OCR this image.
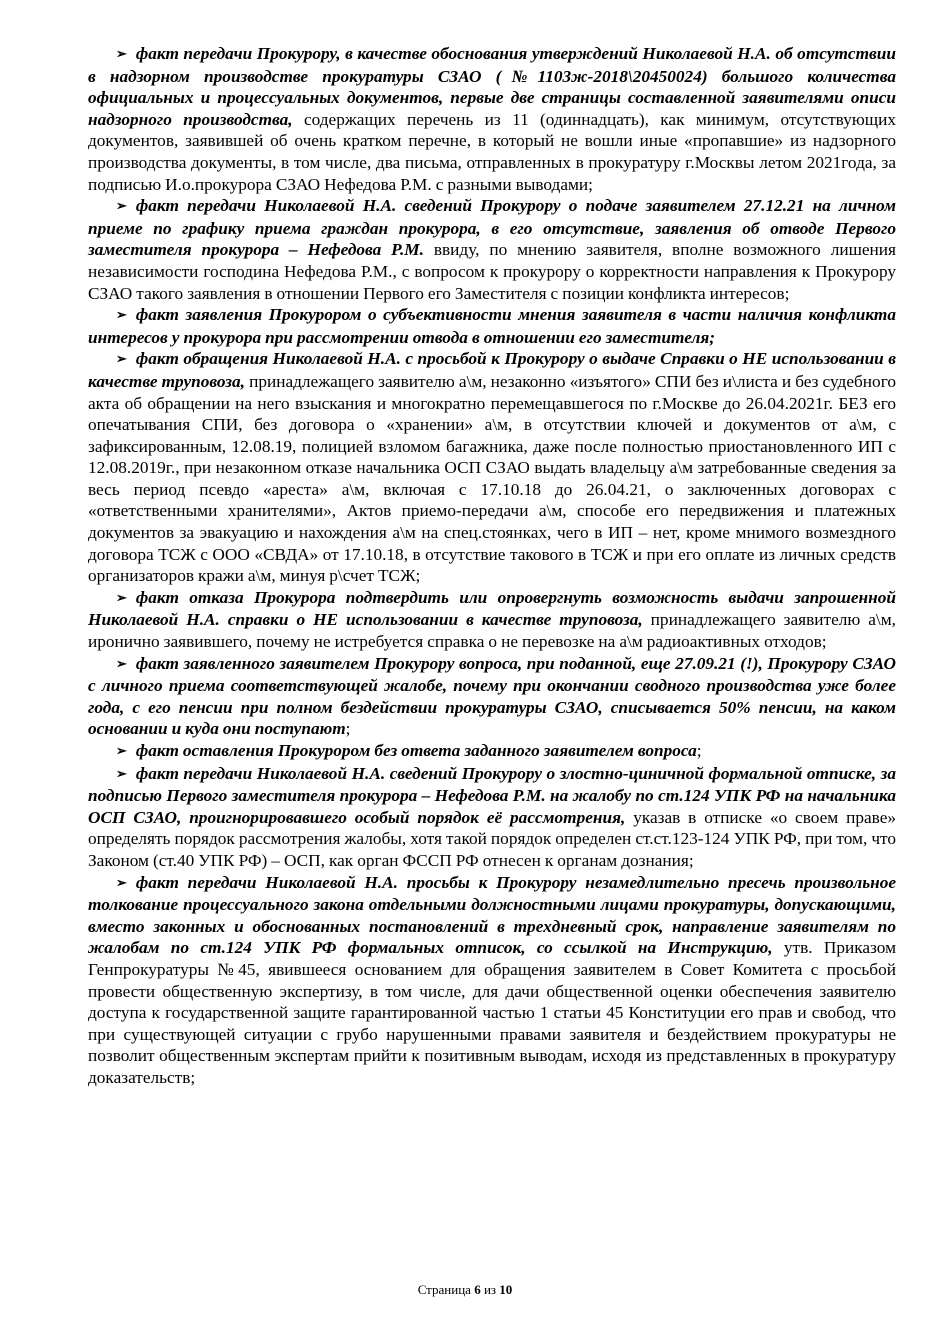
➢ факт передачи Прокурору, в качестве обоснования утверждений Николаевой Н.А. об отсутствии в надзорном производстве прокуратуры СЗАО (№1103ж-2018\20450024) большого количества официальных и процессуальных документов, первые две страницы составленной заявителями описи надзорного производства, содержащих перечень из 11 (одиннадцать), как минимум, отсутствующих документов, заявившей об очень кратком перечне, в который не вошли иные «пропавшие» из надзорного производства документы, в том числе, два письма, отправленных в прокуратуру г.Москвы летом 2021года, за подписью И.о.прокурора СЗАО Нефедова Р.М. с разными выводами;

➢ факт передачи Николаевой Н.А. сведений Прокурору о подаче заявителем 27.12.21 на личном приеме по графику приема граждан прокурора, в его отсутствие, заявления об отводе Первого заместителя прокурора – Нефедова Р.М. ввиду, по мнению заявителя, вполне возможного лишения независимости господина Нефедова Р.М., с вопросом к прокурору о корректности направления к Прокурору СЗАО такого заявления в отношении Первого его Заместителя с позиции конфликта интересов;

➢ факт заявления Прокурором о субъективности мнения заявителя в части наличия конфликта интересов у прокурора при рассмотрении отвода в отношении его заместителя;

➢ факт обращения Николаевой Н.А. с просьбой к Прокурору о выдаче Справки о НЕ использовании в качестве труповоза, принадлежащего заявителю а\м, незаконно «изъятого» СПИ без и\листа и без судебного акта об обращении на него взыскания и многократно перемещавшегося по г.Москве до 26.04.2021г. БЕЗ его опечатывания СПИ, без договора о «хранении» а\м, в отсутствии ключей и документов от а\м, с зафиксированным, 12.08.19, полицией взломом багажника, даже после полностью приостановленного ИП с 12.08.2019г., при незаконном отказе начальника ОСП СЗАО выдать владельцу а\м затребованные сведения за весь период псевдо «ареста» а\м, включая с 17.10.18 до 26.04.21, о заключенных договорах с «ответственными хранителями», Актов приемо-передачи а\м, способе его передвижения и платежных документов за эвакуацию и нахождения а\м на спец.стоянках, чего в ИП – нет, кроме мнимого возмездного договора ТСЖ с ООО «СВДА» от 17.10.18, в отсутствие такового в ТСЖ и при его оплате из личных средств организаторов кражи а\м, минуя р\счет ТСЖ;

➢ факт отказа Прокурора подтвердить или опровергнуть возможность выдачи запрошенной Николаевой Н.А. справки о НЕ использовании в качестве труповоза, принадлежащего заявителю а\м, иронично заявившего, почему не истребуется справка о не перевозке на а\м радиоактивных отходов;

➢ факт заявленного заявителем Прокурору вопроса, при поданной, еще 27.09.21 (!), Прокурору СЗАО с личного приема соответствующей жалобе, почему при окончании сводного производства уже более года, с его пенсии при полном бездействии прокуратуры СЗАО, списывается 50% пенсии, на каком основании и куда они поступают;

➢ факт оставления Прокурором без ответа заданного заявителем вопроса;

➢ факт передачи Николаевой Н.А. сведений Прокурору о злостно-циничной формальной отписке, за подписью Первого заместителя прокурора – Нефедова Р.М. на жалобу по ст.124 УПК РФ на начальника ОСП СЗАО, проигнорировавшего особый порядок её рассмотрения, указав в отписке «о своем праве» определять порядок рассмотрения жалобы, хотя такой порядок определен ст.ст.123-124 УПК РФ, при том, что Законом (ст.40 УПК РФ) – ОСП, как орган ФССП РФ отнесен к органам дознания;

➢ факт передачи Николаевой Н.А. просьбы к Прокурору незамедлительно пресечь произвольное толкование процессуального закона отдельными должностными лицами прокуратуры, допускающими, вместо законных и обоснованных постановлений в трехдневный срок, направление заявителям по жалобам по ст.124 УПК РФ формальных отписок, со ссылкой на Инструкцию, утв. Приказом Генпрокуратуры №45, явившееся основанием для обращения заявителем в Совет Комитета с просьбой провести общественную экспертизу, в том числе, для дачи общественной оценки обеспечения заявителю доступа к государственной защите гарантированной частью 1 статьи 45 Конституции его прав и свобод, что при существующей ситуации с грубо нарушенными правами заявителя и бездействием прокуратуры не позволит общественным экспертам прийти к позитивным выводам, исходя из представленных в прокуратуру доказательств;

Страница 6 из 10
